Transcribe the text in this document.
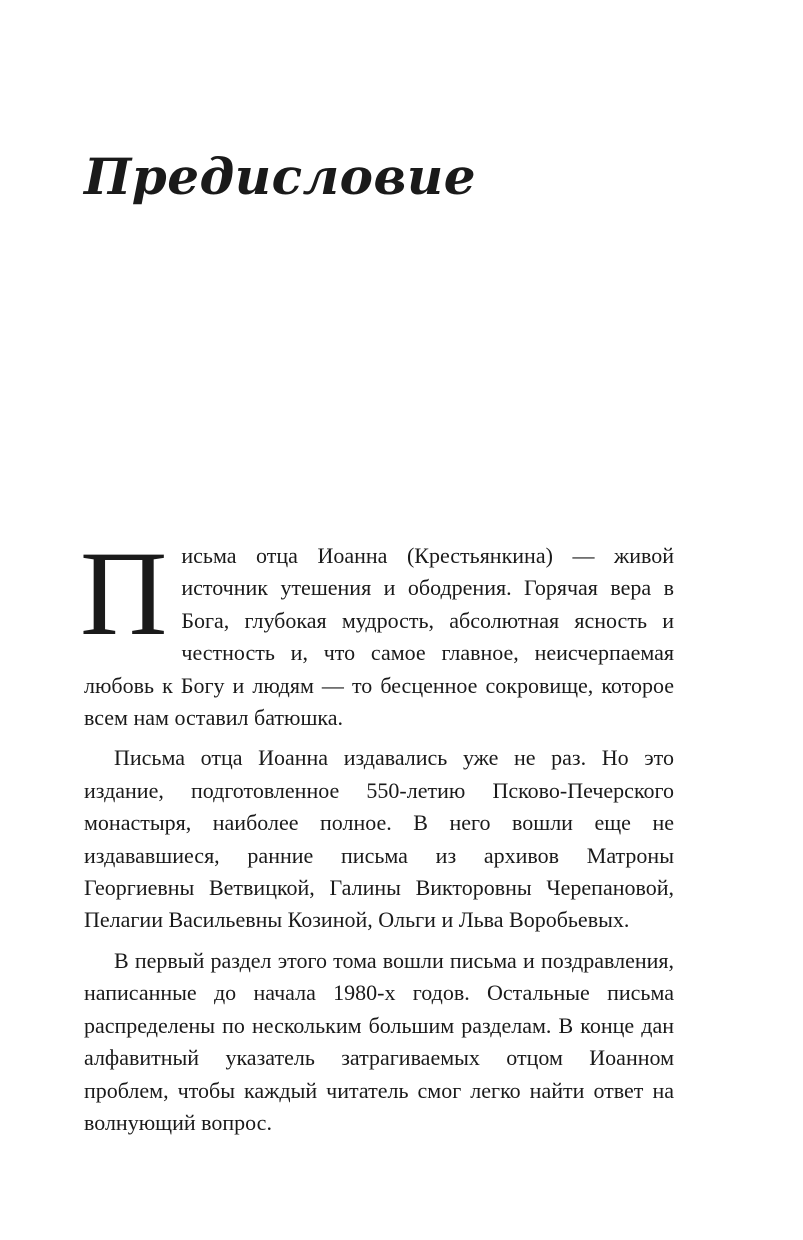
Предисловие

Письма отца Иоанна (Крестьянкина) — живой источник утешения и ободрения. Горячая вера в Бога, глубокая мудрость, абсолютная ясность и честность и, что самое главное, неисчерпаемая любовь к Богу и людям — то бесценное сокровище, которое всем нам оставил батюшка.

Письма отца Иоанна издавались уже не раз. Но это издание, подготовленное 550-летию Псково-Печерского монастыря, наиболее полное. В него вошли еще не издававшиеся, ранние письма из архивов Матроны Георгиевны Ветвицкой, Галины Викторовны Черепановой, Пелагии Васильевны Козиной, Ольги и Льва Воробьевых.

В первый раздел этого тома вошли письма и поздравления, написанные до начала 1980-х годов. Остальные письма распределены по нескольким большим разделам. В конце дан алфавитный указатель затрагиваемых отцом Иоанном проблем, чтобы каждый читатель смог легко найти ответ на волнующий вопрос.
